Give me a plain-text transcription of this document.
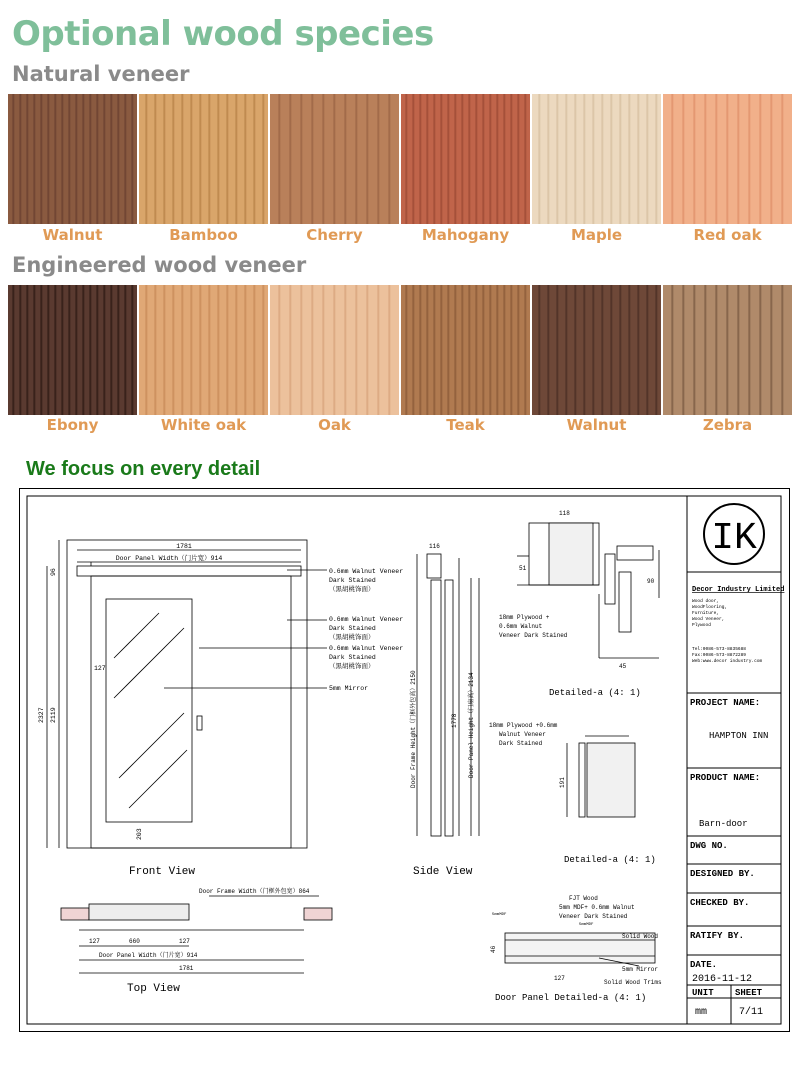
Optional wood species
Natural veneer
Walnut	Bamboo	Cherry	Mahogany	Maple	Red oak
Engineered wood veneer
Ebony	White oak	Oak	Teak	Walnut	Zebra
We focus on every detail
IK
Decor Industry Limited
Wood door,
WoodFlooring,
Furniture,
Wood Veneer,
Plywood
Tel:0086-573-8835688
Fax:0086-573-8872289
Web:www.decor industry.com
PROJECT NAME:
HAMPTON INN
PRODUCT NAME:
Barn-door
DWG NO.
DESIGNED BY.
CHECKED BY.
RATIFY BY.
DATE.
2016-11-12
UNIT SHEET
mm	7/11
1781
Door Panel Width（门片宽）914
96
2327 2119
127
203
0.6mm Walnut Veneer
Dark Stained
（黑胡桃饰面）
0.6mm Walnut Veneer
Dark Stained
（黑胡桃饰面）
0.6mm Walnut Veneer
Dark Stained
（黑胡桃饰面）
5mm Mirror
Front View
116
Door Frame Height（门框外包高）2150	Door Panel Height（门扇高）2134
1778
Side View
118
90
45
51
18mm Plywood +
0.6mm Walnut
Veneer Dark Stained
Detailed-a (4: 1)
18mm Plywood +0.6mm
Walnut Veneer
Dark Stained
191
Detailed-a (4: 1)
Door Frame Width（门框外包宽）864
660
127	127
Door Panel Width（门片宽）914
1781
Top View
FJT Wood
5mm MDF+ 0.6mm Walnut
Veneer Dark Stained
5mmMDF
5mmMDF
Solid Wood
5mm Mirror
Solid Wood Trims
127
46
Door Panel Detailed-a (4: 1)
